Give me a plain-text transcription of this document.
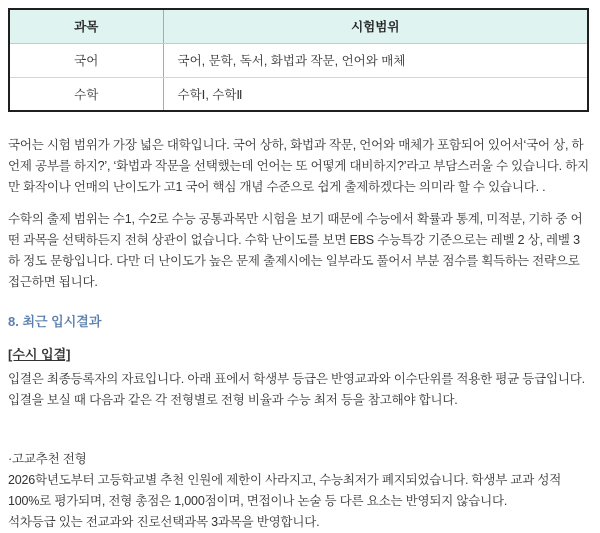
과목	시험범위
국어	국어, 문학, 독서, 화법과 작문, 언어와 매체
수학	수학Ⅰ, 수학Ⅱ

국어는 시험 범위가 가장 넓은 대학입니다. 국어 상하, 화법과 작문, 언어와 매체가 포함되어 있어서‘국어 상, 하 언제 공부를 하지?’, ‘화법과 작문을 선택했는데 언어는 또 어떻게 대비하지?’라고 부담스러울 수 있습니다. 하지만 화작이나 언매의 난이도가 고1 국어 핵심 개념 수준으로 쉽게 출제하겠다는 의미라 할 수 있습니다. .

수학의 출제 범위는 수1, 수2로 수능 공통과목만 시험을 보기 때문에 수능에서 확률과 통계, 미적분, 기하 중 어떤 과목을 선택하든지 전혀 상관이 없습니다. 수학 난이도를 보면 EBS 수능특강 기준으로는 레벨 2 상, 레벨 3 하 정도 문항입니다. 다만 더 난이도가 높은 문제 출제시에는 일부라도 풀어서 부분 점수를 획득하는 전략으로 접근하면 됩니다.

8. 최근 입시결과
[수시 입결]

입결은 최종등록자의 자료입니다. 아래 표에서 학생부 등급은 반영교과와 이수단위를 적용한 평균 등급입니다. 입결을 보실 때 다음과 같은 각 전형별로 전형 비율과 수능 최저 등을 참고해야 합니다.

·고교추천 전형
2026학년도부터 고등학교별 추천 인원에 제한이 사라지고, 수능최저가 폐지되었습니다. 학생부 교과 성적 100%로 평가되며, 전형 총점은 1,000점이며, 면접이나 논술 등 다른 요소는 반영되지 않습니다.
석차등급 있는 전교과와 진로선택과목 3과목을 반영합니다.
